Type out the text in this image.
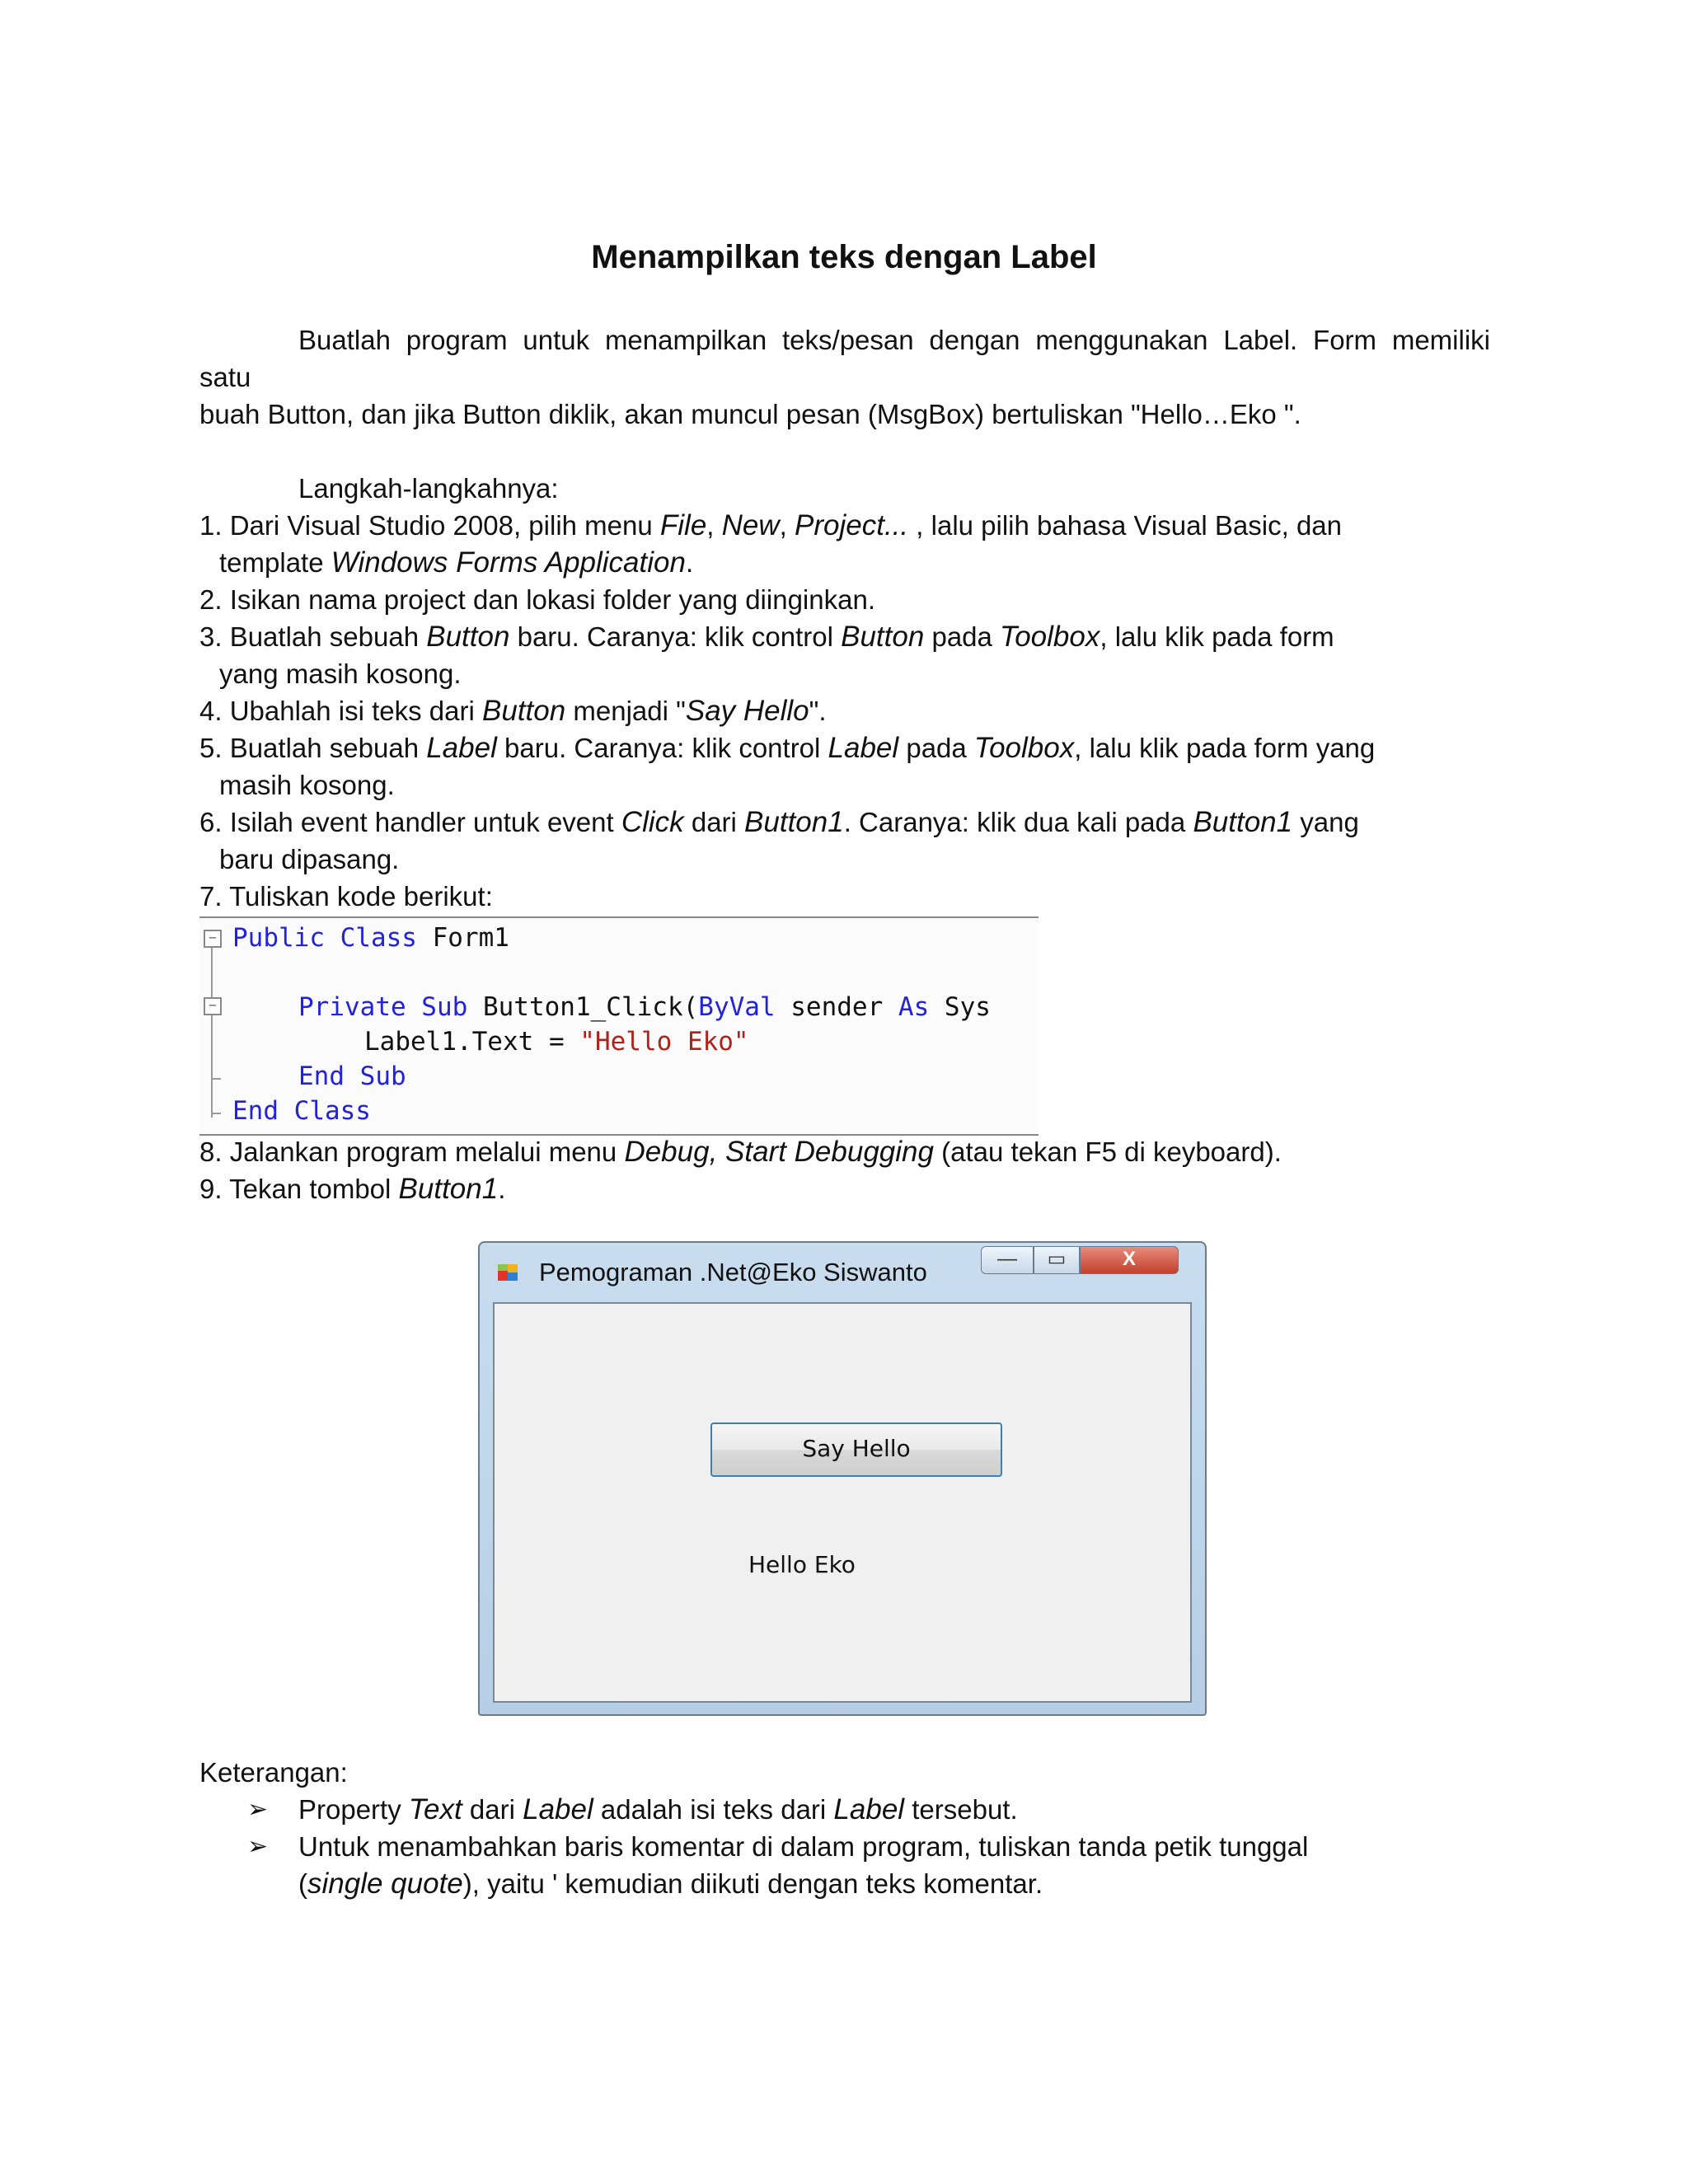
Menampilkan teks dengan Label
Buatlah program untuk menampilkan teks/pesan dengan menggunakan Label. Form memiliki
satu
buah Button, dan jika Button diklik, akan muncul pesan (MsgBox) bertuliskan "Hello…Eko ".
Langkah-langkahnya:
1. Dari Visual Studio 2008, pilih menu File, New, Project... , lalu pilih bahasa Visual Basic, dan
template Windows Forms Application.
2. Isikan nama project dan lokasi folder yang diinginkan.
3. Buatlah sebuah Button baru. Caranya: klik control Button pada Toolbox, lalu klik pada form
yang masih kosong.
4. Ubahlah isi teks dari Button menjadi "Say Hello".
5. Buatlah sebuah Label baru. Caranya: klik control Label pada Toolbox, lalu klik pada form yang
masih kosong.
6. Isilah event handler untuk event Click dari Button1. Caranya: klik dua kali pada Button1 yang
baru dipasang.
7. Tuliskan kode berikut:
−
−
Public Class Form1
Private Sub Button1_Click(ByVal sender As Sys
Label1.Text = "Hello Eko"
End Sub
End Class
8. Jalankan program melalui menu Debug, Start Debugging (atau tekan F5 di keyboard).
9. Tekan tombol Button1.
Pemograman .Net@Eko Siswanto	—	▭	X
Say Hello
Hello Eko
Keterangan:
➢	Property Text dari Label adalah isi teks dari Label tersebut.
➢	Untuk menambahkan baris komentar di dalam program, tuliskan tanda petik tunggal
(single quote), yaitu ' kemudian diikuti dengan teks komentar.
